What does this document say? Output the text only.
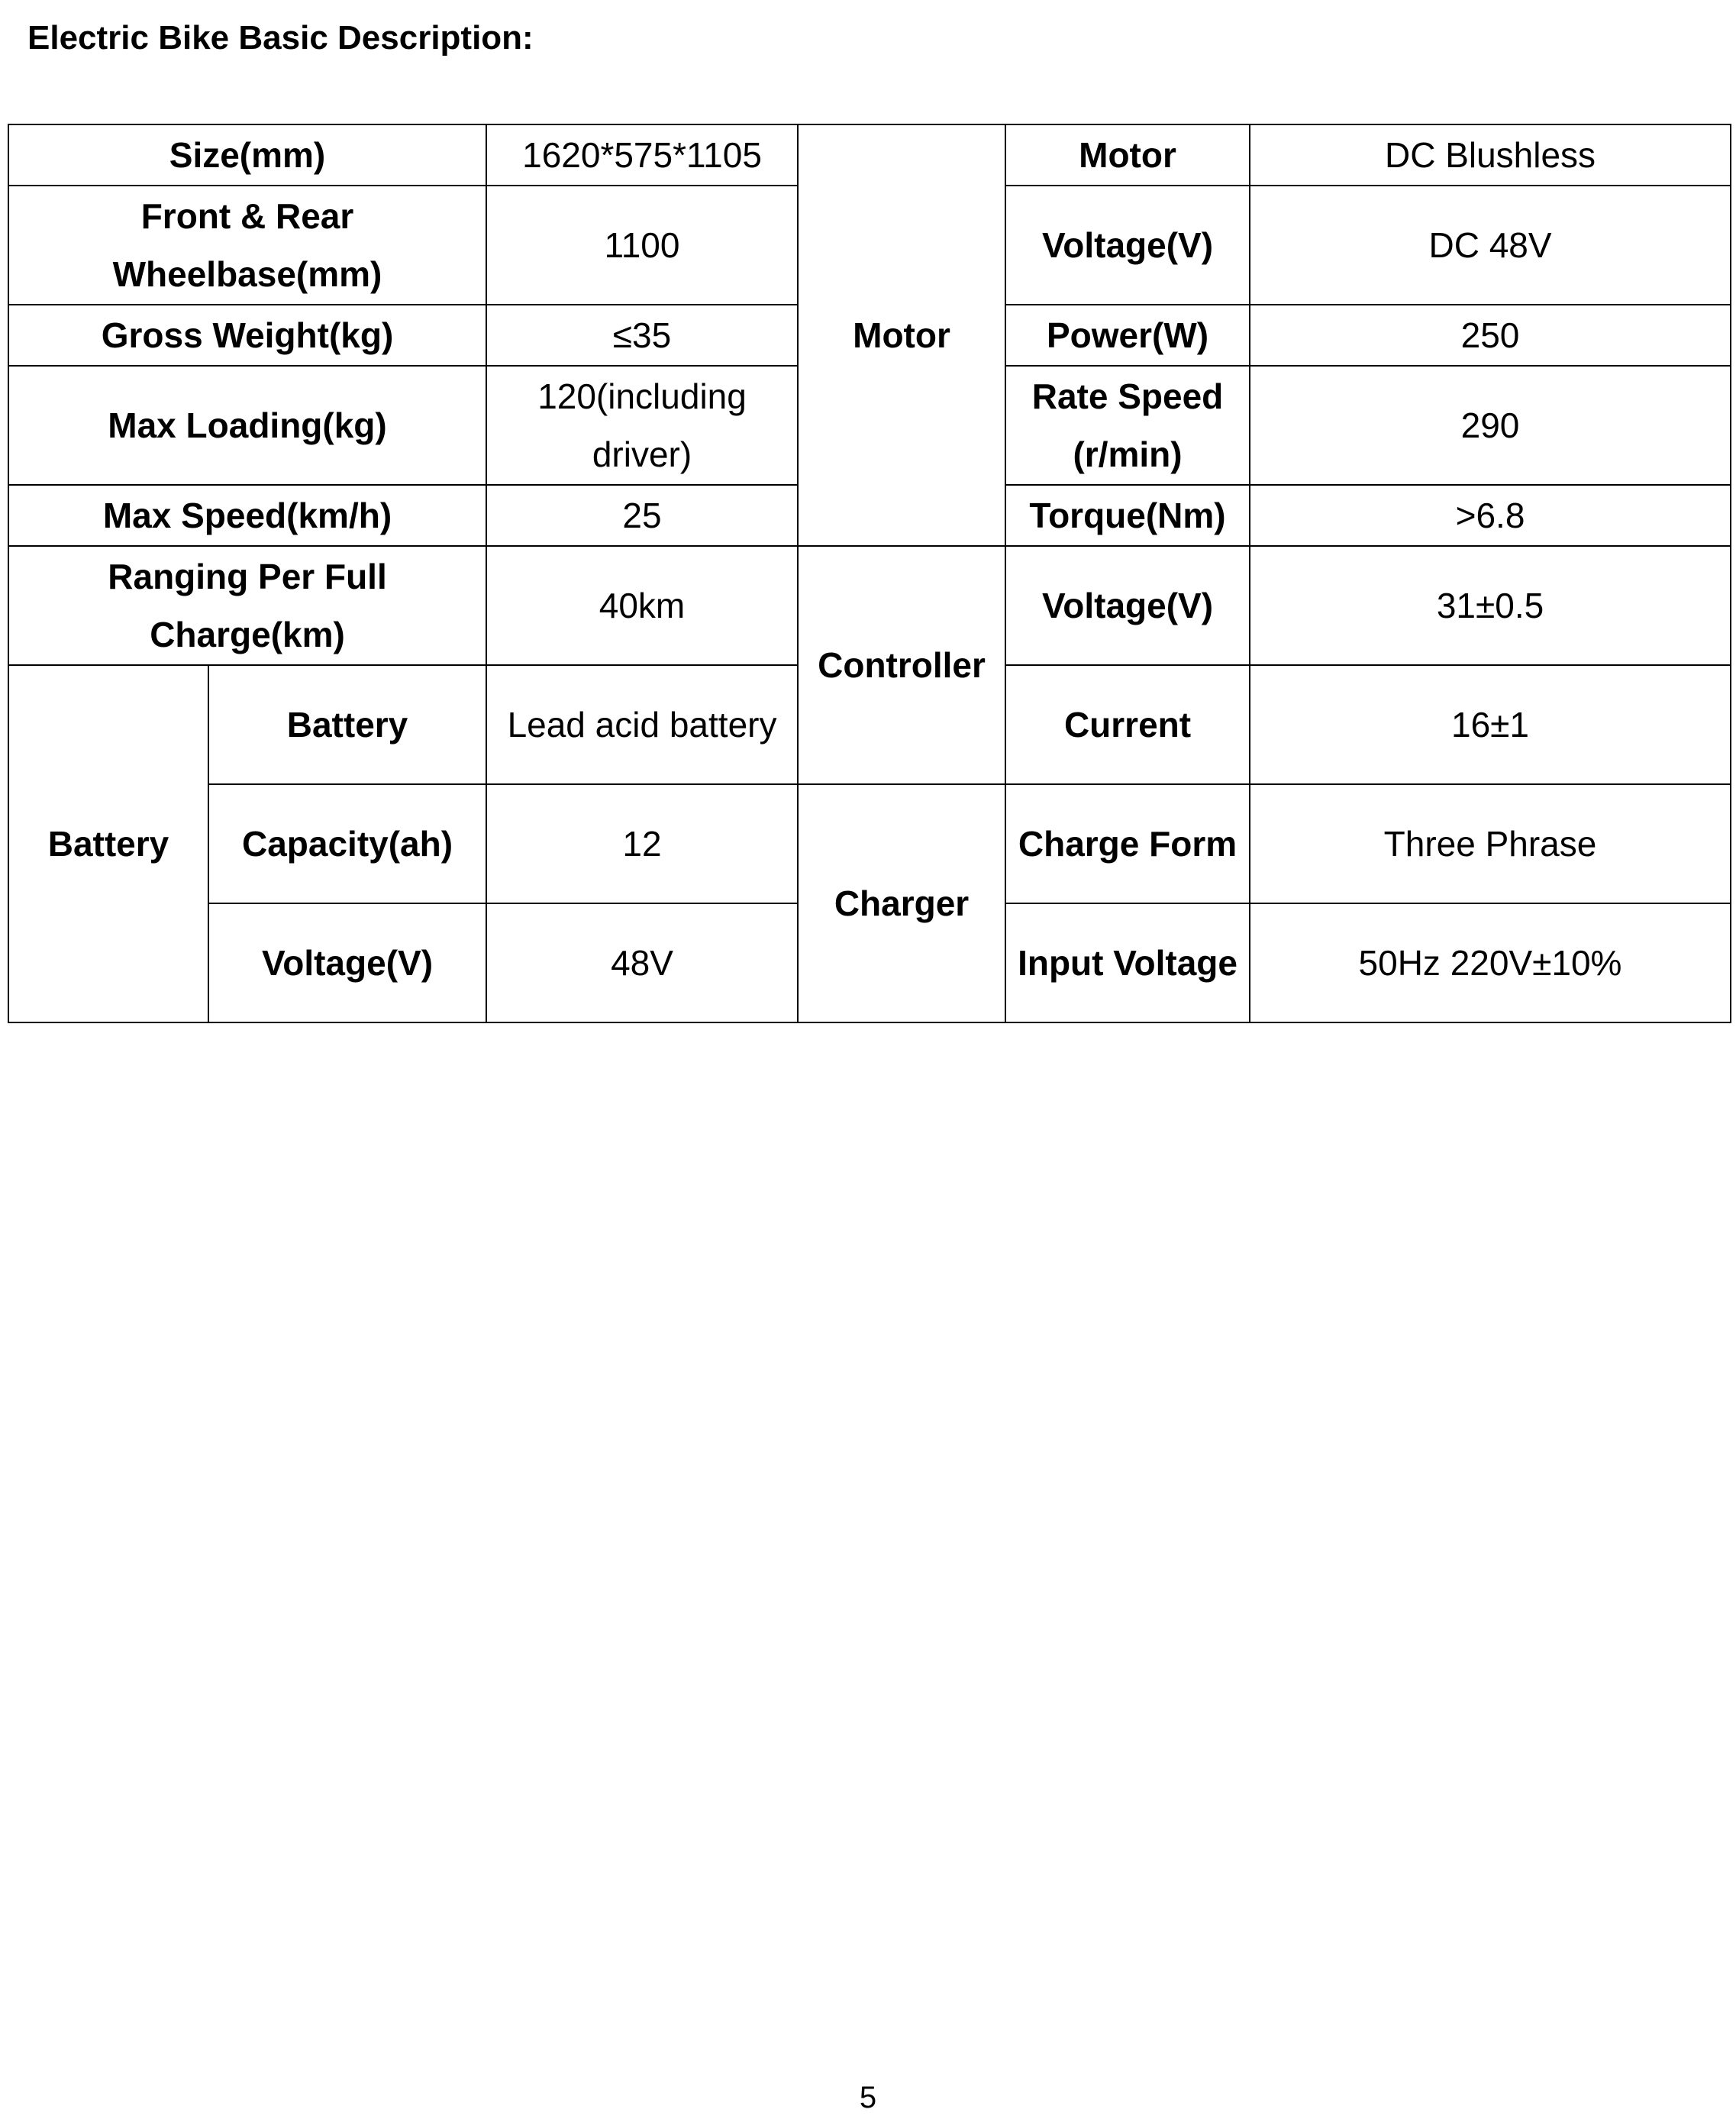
Electric Bike Basic Description:
Size(mm)		1620*575*1105	Motor	Motor	DC Blushless
Front & Rear Wheelbase(mm)		1100		Voltage(V)	DC 48V
Gross Weight(kg)		≤35		Power(W)	250
Max Loading(kg)		120(including driver)		Rate Speed (r/min)	290
Max Speed(km/h)		25		Torque(Nm)	>6.8
Ranging Per Full Charge(km)		40km	Controller	Voltage(V)	31±0.5
Battery	Battery	Lead acid battery		Current	16±1
	Capacity(ah)	12	Charger	Charge Form	Three Phrase
	Voltage(V)	48V		Input Voltage	50Hz 220V±10%
5
